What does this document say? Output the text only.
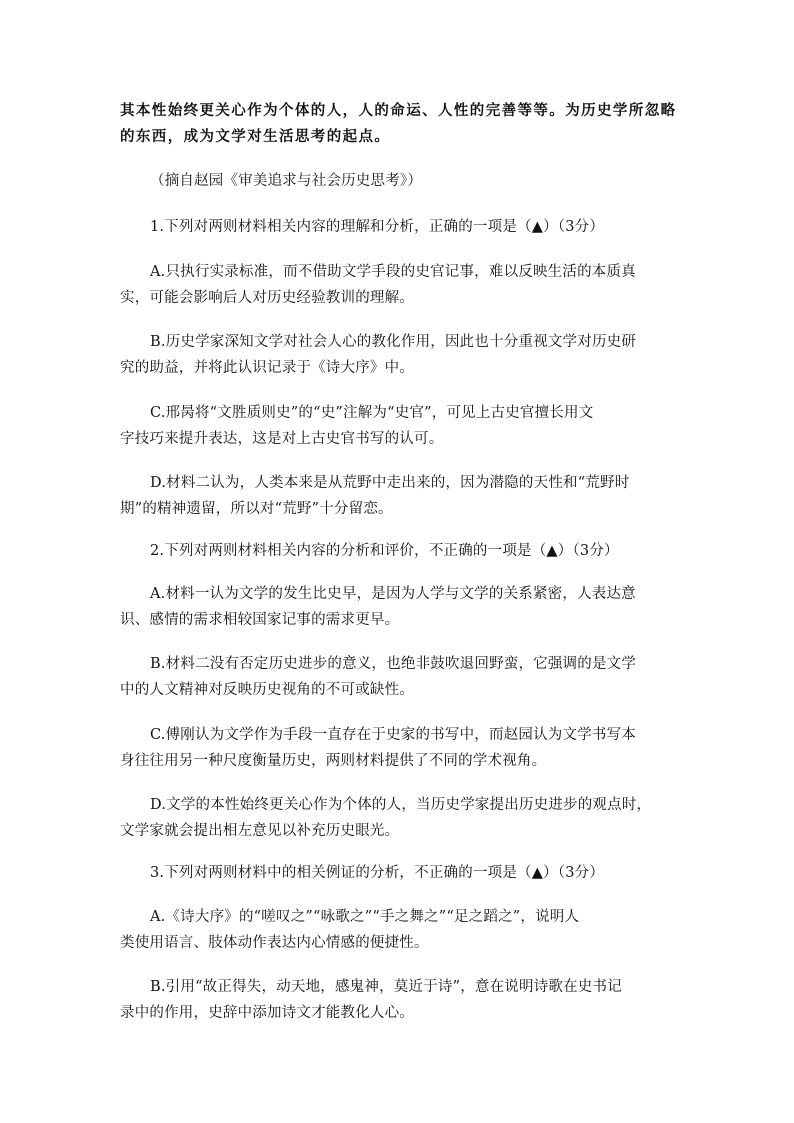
其本性始终更关心作为个体的人，人的命运、人性的完善等等。为历史学所忽略
的东西，成为文学对生活思考的起点。

（摘自赵园《审美追求与社会历史思考》）

1.下列对两则材料相关内容的理解和分析，正确的一项是（▲）（3分）

A.只执行实录标准，而不借助文学手段的史官记事，难以反映生活的本质真
实，可能会影响后人对历史经验教训的理解。
B.历史学家深知文学对社会人心的教化作用，因此也十分重视文学对历史研
究的助益，并将此认识记录于《诗大序》中。
C.邢昺将“文胜质则史”的“史”注解为“史官”，可见上古史官擅长用文
字技巧来提升表达，这是对上古史官书写的认可。
D.材料二认为，人类本来是从荒野中走出来的，因为潜隐的天性和“荒野时
期”的精神遗留，所以对“荒野”十分留恋。

2.下列对两则材料相关内容的分析和评价，不正确的一项是（▲）（3分）

A.材料一认为文学的发生比史早，是因为人学与文学的关系紧密，人表达意
识、感情的需求相较国家记事的需求更早。
B.材料二没有否定历史进步的意义，也绝非鼓吹退回野蛮，它强调的是文学
中的人文精神对反映历史视角的不可或缺性。
C.傅刚认为文学作为手段一直存在于史家的书写中，而赵园认为文学书写本
身往往用另一种尺度衡量历史，两则材料提供了不同的学术视角。
D.文学的本性始终更关心作为个体的人，当历史学家提出历史进步的观点时，
文学家就会提出相左意见以补充历史眼光。

3.下列对两则材料中的相关例证的分析，不正确的一项是（▲）（3分）

A.《诗大序》的“嗟叹之”“咏歌之”“手之舞之”“足之蹈之”，说明人
类使用语言、肢体动作表达内心情感的便捷性。
B.引用“故正得失，动天地，感鬼神，莫近于诗”，意在说明诗歌在史书记
录中的作用，史辞中添加诗文才能教化人心。
